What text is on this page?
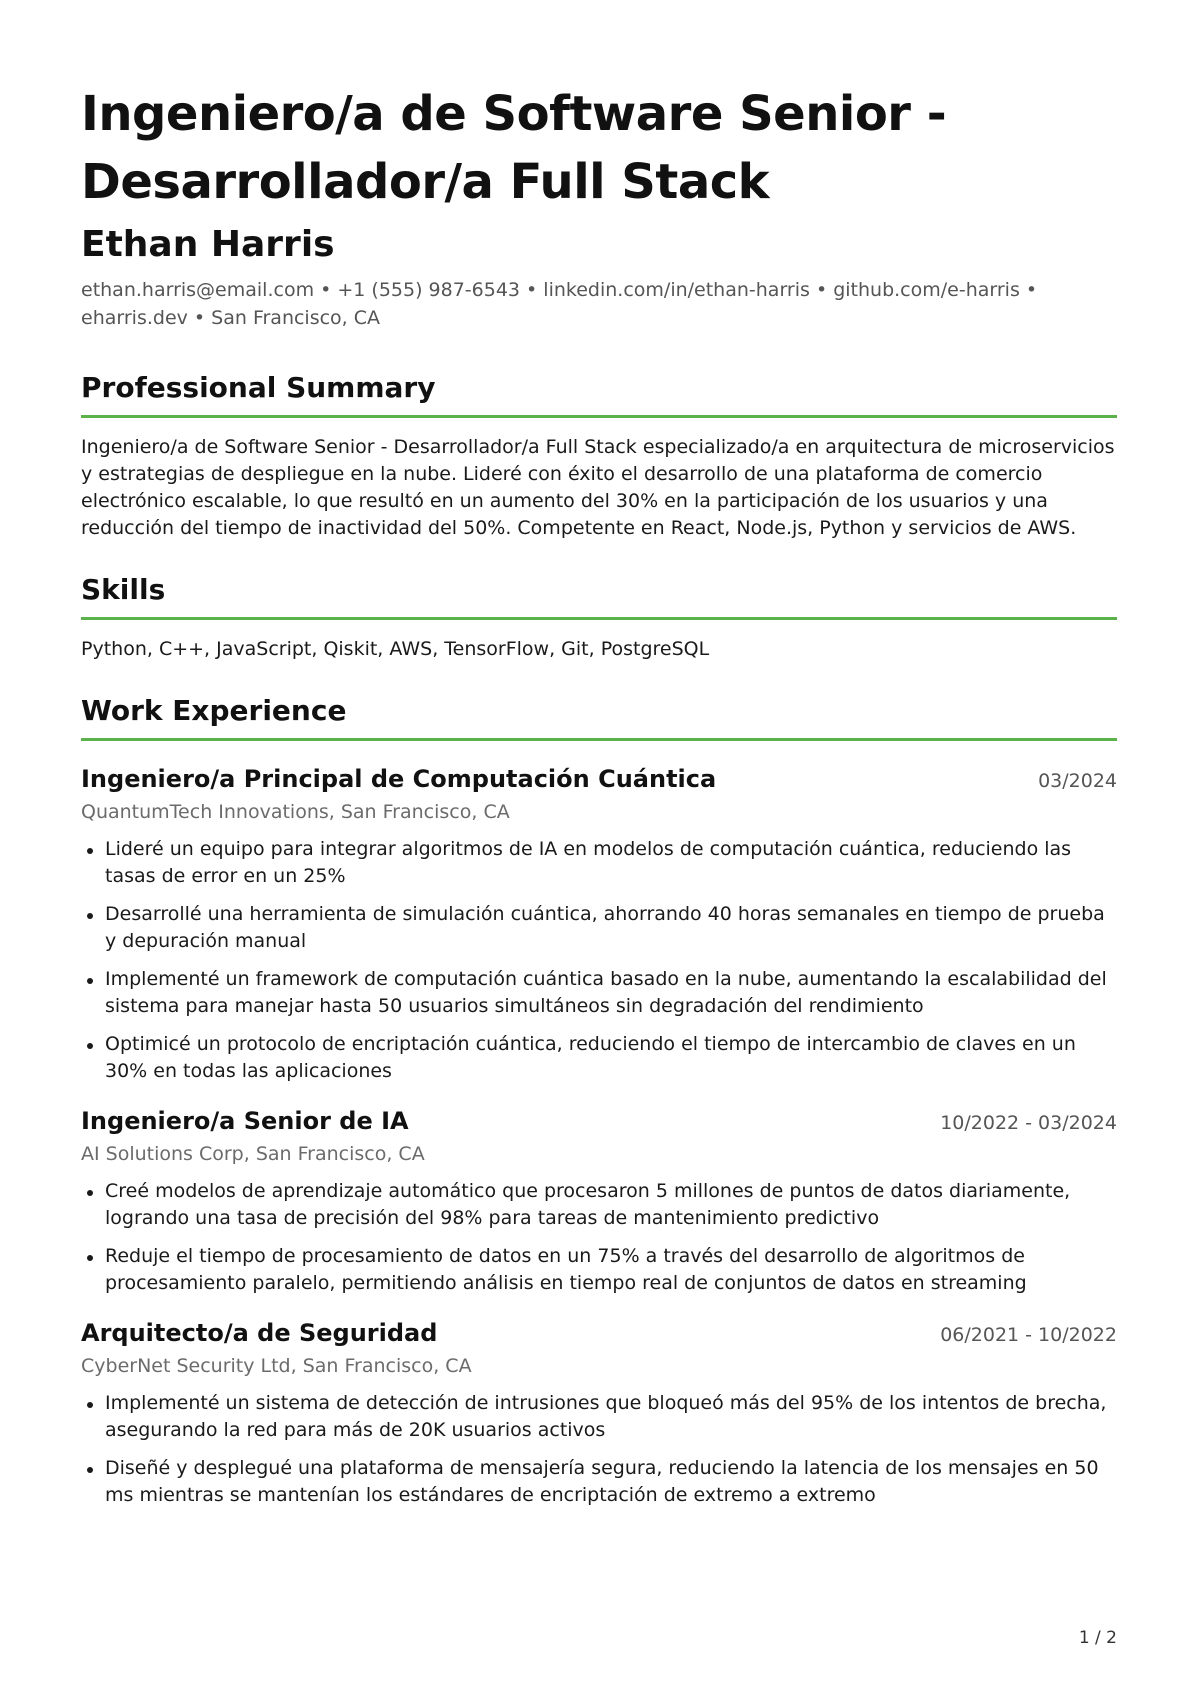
Ingeniero/a de Software Senior - Desarrollador/a Full Stack
Ethan Harris

ethan.harris@email.com • +1 (555) 987-6543 • linkedin.com/in/ethan-harris • github.com/e-harris • eharris.dev • San Francisco, CA

Professional Summary

Ingeniero/a de Software Senior - Desarrollador/a Full Stack especializado/a en arquitectura de microservicios y estrategias de despliegue en la nube. Lideré con éxito el desarrollo de una plataforma de comercio electrónico escalable, lo que resultó en un aumento del 30% en la participación de los usuarios y una reducción del tiempo de inactividad del 50%. Competente en React, Node.js, Python y servicios de AWS.

Skills

Python, C++, JavaScript, Qiskit, AWS, TensorFlow, Git, PostgreSQL

Work Experience
Ingeniero/a Principal de Computación Cuántica	03/2024
QuantumTech Innovations, San Francisco, CA
Lideré un equipo para integrar algoritmos de IA en modelos de computación cuántica, reduciendo las tasas de error en un 25%
Desarrollé una herramienta de simulación cuántica, ahorrando 40 horas semanales en tiempo de prueba y depuración manual
Implementé un framework de computación cuántica basado en la nube, aumentando la escalabilidad del sistema para manejar hasta 50 usuarios simultáneos sin degradación del rendimiento
Optimicé un protocolo de encriptación cuántica, reduciendo el tiempo de intercambio de claves en un 30% en todas las aplicaciones
Ingeniero/a Senior de IA	10/2022 - 03/2024
AI Solutions Corp, San Francisco, CA
Creé modelos de aprendizaje automático que procesaron 5 millones de puntos de datos diariamente, logrando una tasa de precisión del 98% para tareas de mantenimiento predictivo
Reduje el tiempo de procesamiento de datos en un 75% a través del desarrollo de algoritmos de procesamiento paralelo, permitiendo análisis en tiempo real de conjuntos de datos en streaming
Arquitecto/a de Seguridad	06/2021 - 10/2022
CyberNet Security Ltd, San Francisco, CA
Implementé un sistema de detección de intrusiones que bloqueó más del 95% de los intentos de brecha, asegurando la red para más de 20K usuarios activos
Diseñé y desplegué una plataforma de mensajería segura, reduciendo la latencia de los mensajes en 50 ms mientras se mantenían los estándares de encriptación de extremo a extremo
1 / 2
